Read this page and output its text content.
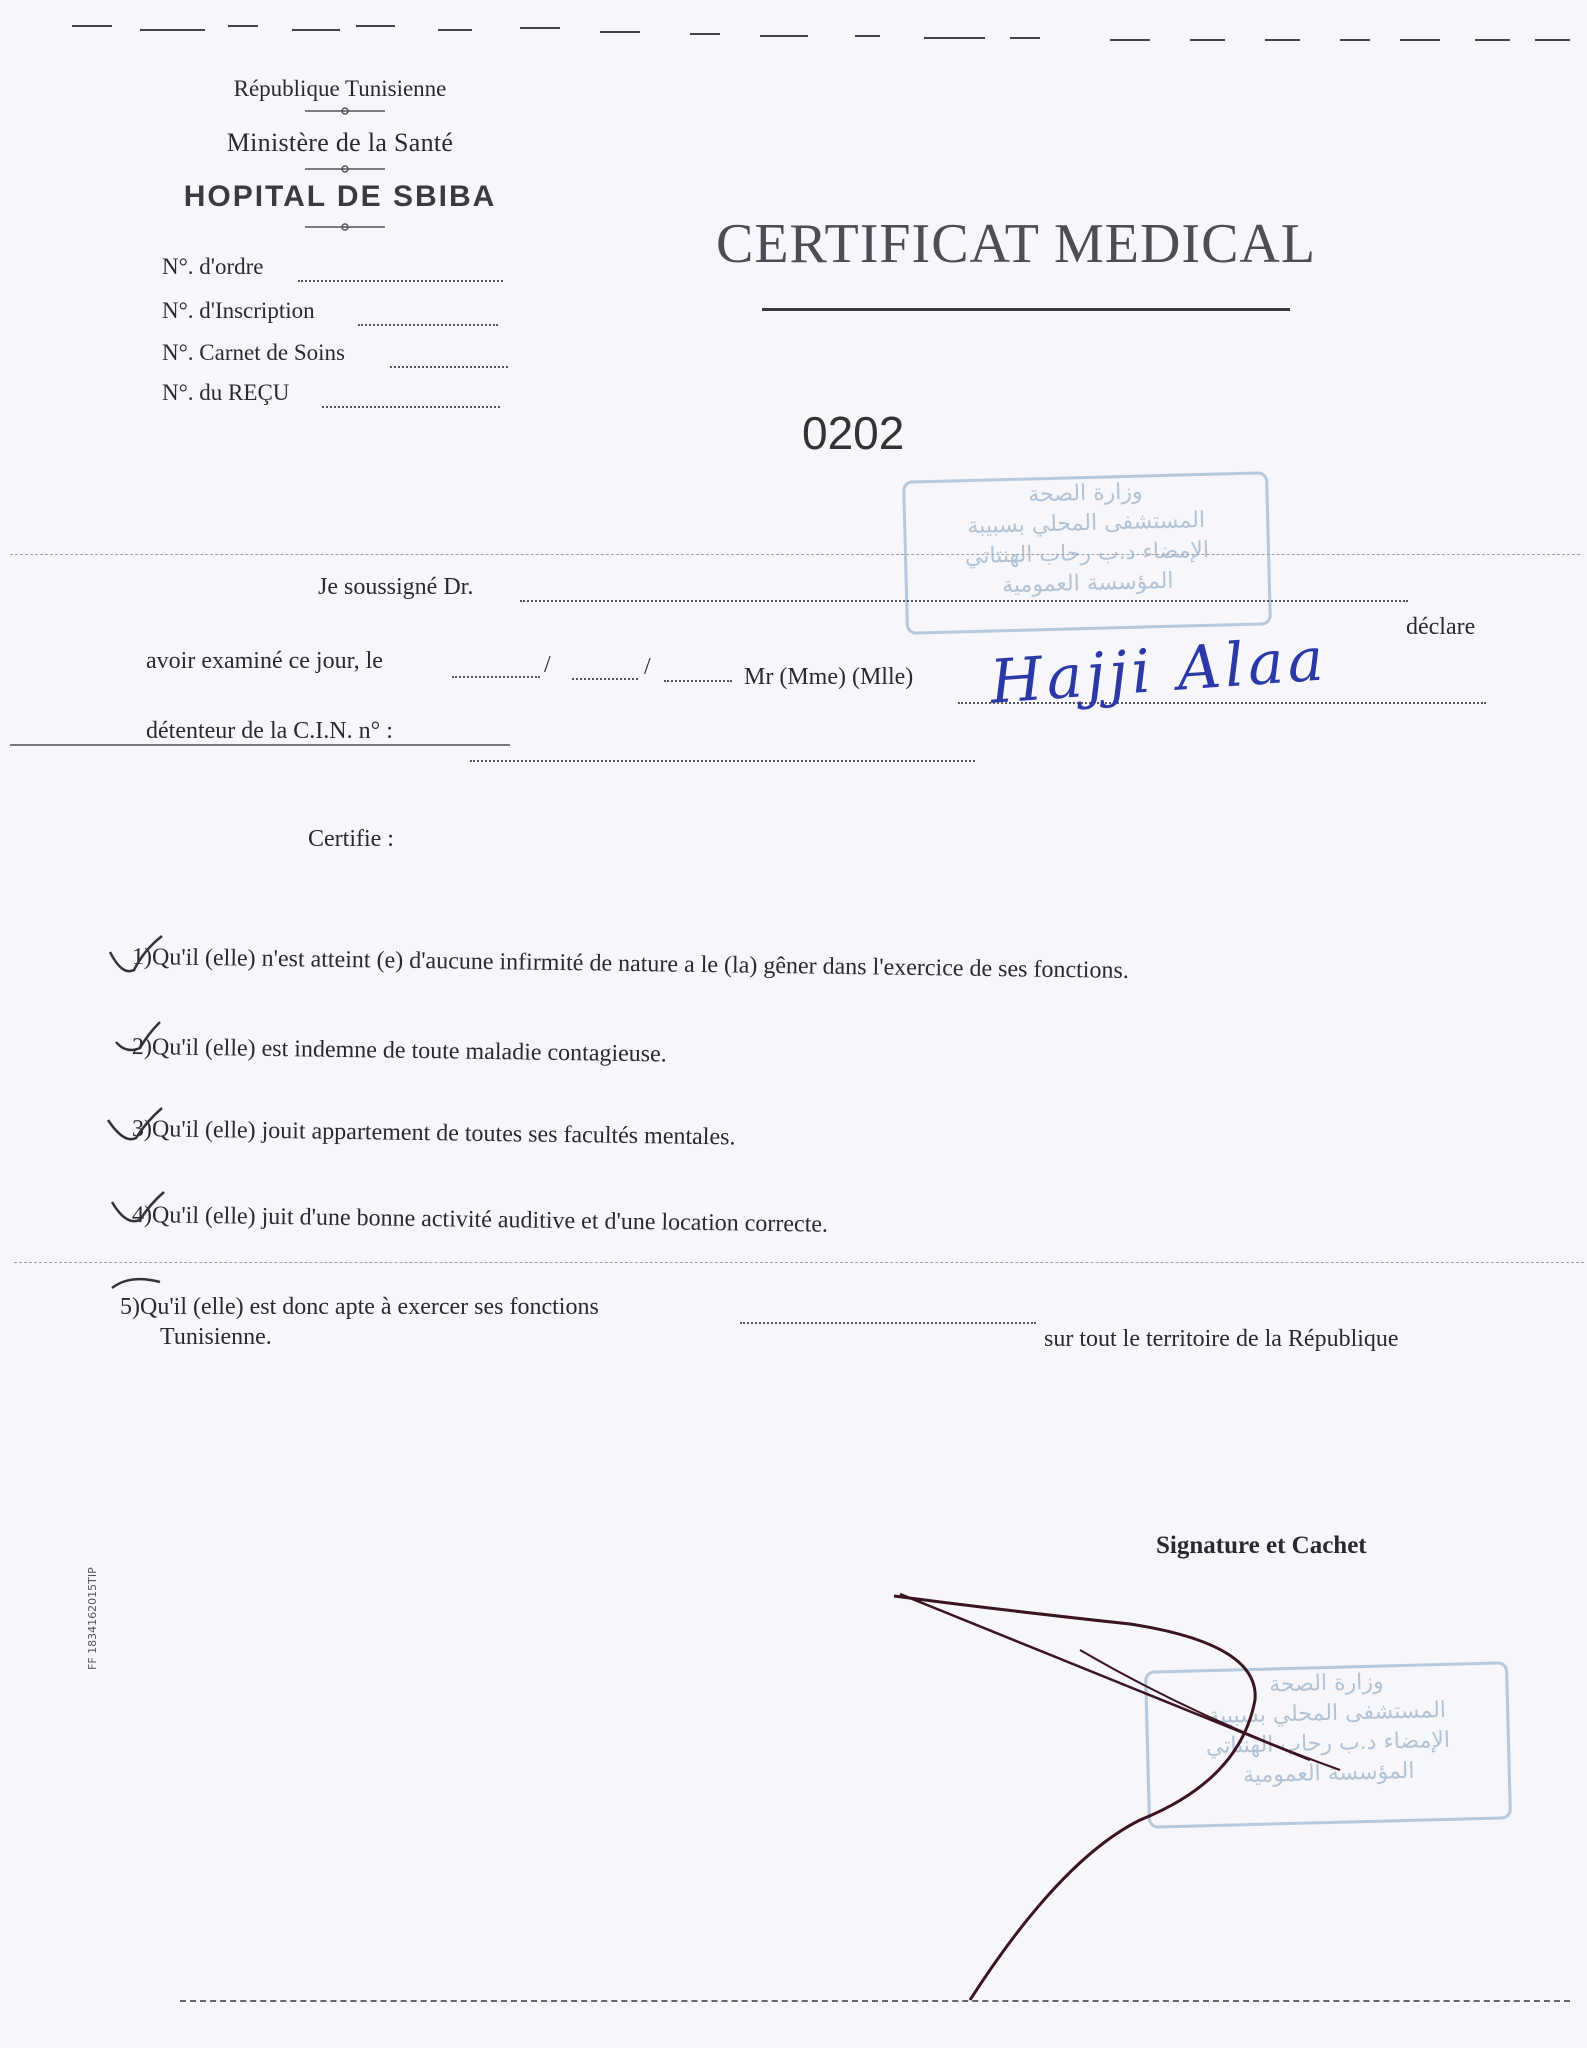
République Tunisienne
Ministère de la Santé
HOPITAL DE SBIBA
N°. d'ordre
N°. d'Inscription
N°. Carnet de Soins
N°. du REÇU
CERTIFICAT MEDICAL
0202
وزارة الصحة
المستشفى المحلي بسبيبة
الإمضاء د.ب رحاب الهنتاتي
المؤسسة العمومية
Je soussigné Dr.
déclare
avoir examiné ce jour, le	/	/	Mr (Mme) (Mlle) Hajji Alaa
détenteur de la C.I.N. n° :
Certifie :
1)Qu'il (elle) n'est atteint (e) d'aucune infirmité de nature a le (la) gêner dans l'exercice de ses fonctions.
2)Qu'il (elle) est indemne de toute maladie contagieuse.
3)Qu'il (elle) jouit appartement de toutes ses facultés mentales.
4)Qu'il (elle) juit d'une bonne activité auditive et d'une location correcte.
5)Qu'il (elle) est donc apte à exercer ses fonctions
sur tout le territoire de la République
Tunisienne.
Signature et Cachet
وزارة الصحة
المستشفى المحلي بسبيبة
الإمضاء د.ب رحاب الهنتاتي
المؤسسة العمومية
FF 1834162015TIP
